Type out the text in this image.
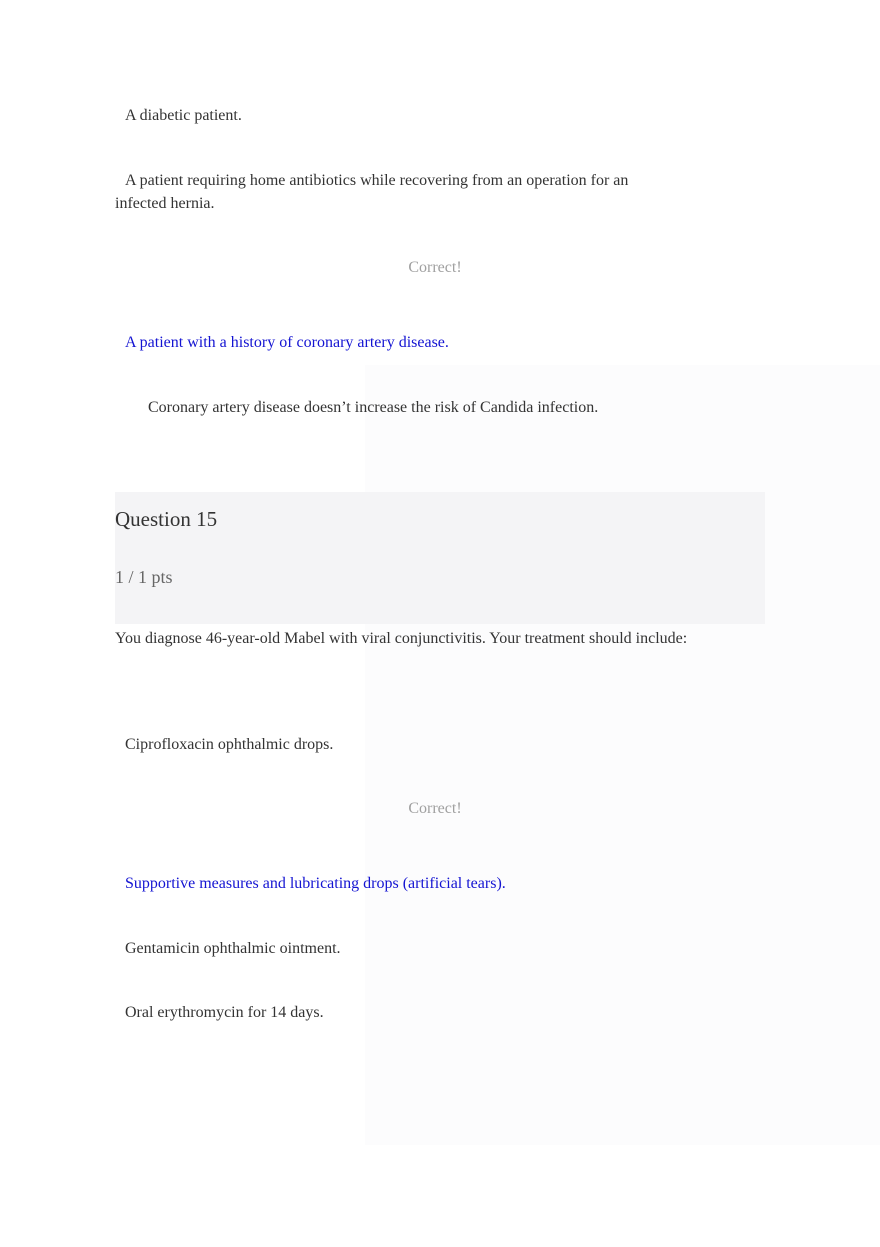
A diabetic patient.
A patient requiring home antibiotics while recovering from an operation for an
infected hernia.
Correct!
A patient with a history of coronary artery disease.
Coronary artery disease doesn’t increase the risk of Candida infection.
Question 15
1 / 1 pts
You diagnose 46-year-old Mabel with viral conjunctivitis. Your treatment should include:
Ciprofloxacin ophthalmic drops.
Correct!
Supportive measures and lubricating drops (artificial tears).
Gentamicin ophthalmic ointment.
Oral erythromycin for 14 days.
